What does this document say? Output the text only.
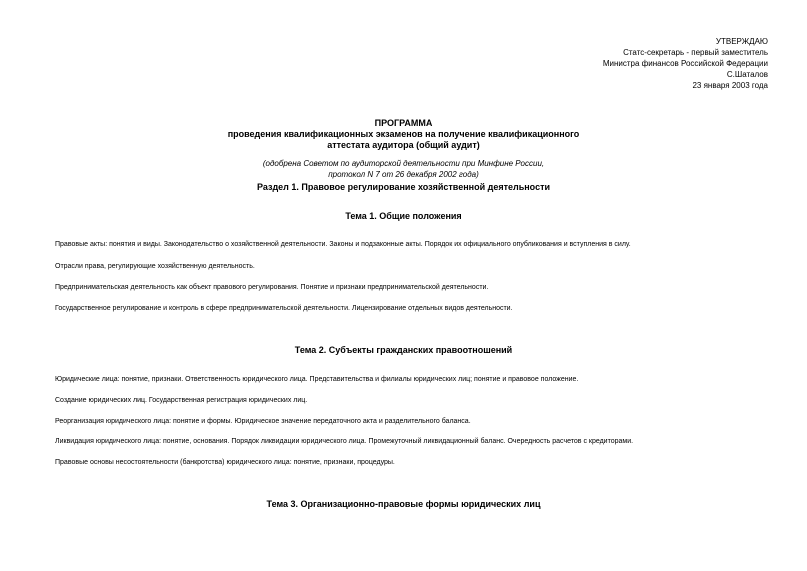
УТВЕРЖДАЮ
Статс-секретарь - первый заместитель
Министра финансов Российской Федерации
С.Шаталов
23 января 2003 года
ПРОГРАММА
проведения квалификационных экзаменов на получение квалификационного
аттестата аудитора (общий аудит)
(одобрена Советом по аудиторской деятельности при Минфине России,
протокол N 7 от 26 декабря 2002 года)
Раздел 1. Правовое регулирование хозяйственной деятельности
Тема 1. Общие положения
Правовые акты: понятия и виды. Законодательство о хозяйственной деятельности. Законы и подзаконные акты. Порядок их официального опубликования и вступления в силу.
Отрасли права, регулирующие хозяйственную деятельность.
Предпринимательская деятельность как объект правового регулирования. Понятие и признаки предпринимательской деятельности.
Государственное регулирование и контроль в сфере предпринимательской деятельности. Лицензирование отдельных видов деятельности.
Тема 2. Субъекты гражданских правоотношений
Юридические лица: понятие, признаки. Ответственность юридического лица. Представительства и филиалы юридических лиц; понятие и правовое положение.
Создание юридических лиц. Государственная регистрация юридических лиц.
Реорганизация юридического лица: понятие и формы. Юридическое значение передаточного акта и разделительного баланса.
Ликвидация юридического лица: понятие, основания. Порядок ликвидации юридического лица. Промежуточный ликвидационный баланс. Очередность расчетов с кредиторами.
Правовые основы несостоятельности (банкротства) юридического лица: понятие, признаки, процедуры.
Тема 3. Организационно-правовые формы юридических лиц
